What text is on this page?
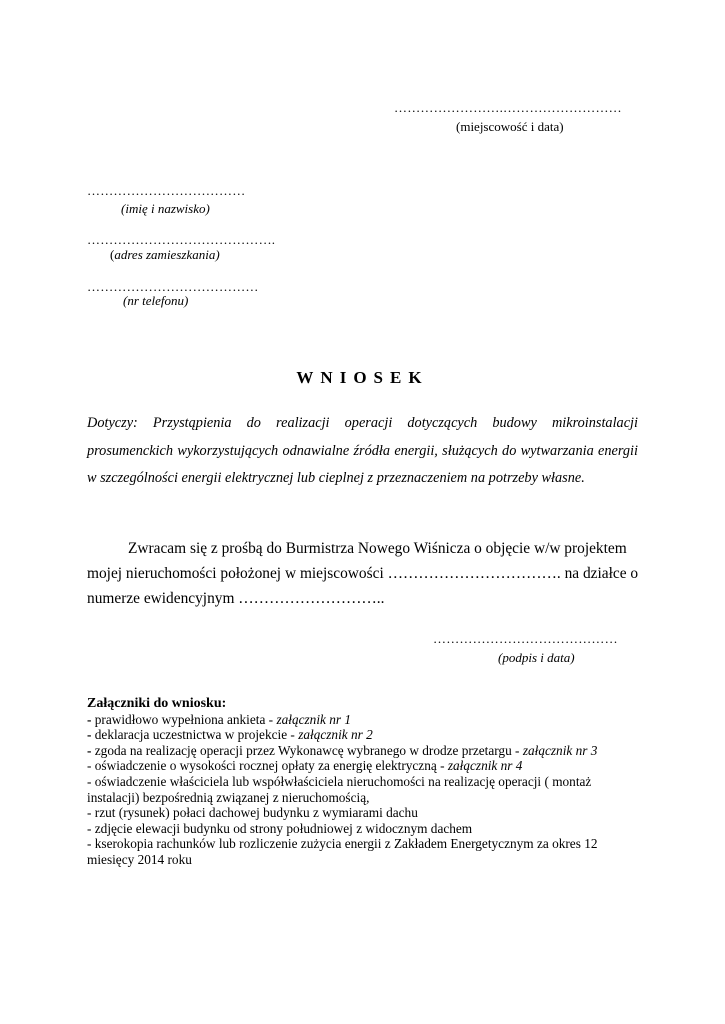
…………………….………………………
(miejscowość i data)
………………………………
(imię i nazwisko)
…………………………………….
(adres zamieszkania)
…………………………………
(nr telefonu)
WNIOSEK
Dotyczy: Przystąpienia do realizacji operacji dotyczących budowy mikroinstalacji prosumenckich wykorzystujących odnawialne źródła energii, służących do wytwarzania energii w szczególności energii elektrycznej lub cieplnej z przeznaczeniem na potrzeby własne.
Zwracam się z prośbą do Burmistrza Nowego Wiśnicza o objęcie w/w projektem
mojej nieruchomości położonej w miejscowości ……………………………. na działce o
numerze ewidencyjnym ………………………..
……………………………………
(podpis i data)
Załączniki do wniosku:
- prawidłowo wypełniona ankieta - załącznik nr 1
- deklaracja uczestnictwa w projekcie - załącznik nr 2
- zgoda na realizację operacji przez Wykonawcę wybranego w drodze przetargu - załącznik nr 3
- oświadczenie o wysokości rocznej opłaty za energię elektryczną - załącznik nr 4
- oświadczenie właściciela lub współwłaściciela nieruchomości na realizację operacji ( montaż
instalacji) bezpośrednią związanej z nieruchomością,
- rzut (rysunek) połaci dachowej budynku z wymiarami dachu
- zdjęcie elewacji budynku od strony południowej z widocznym dachem
- kserokopia rachunków lub rozliczenie zużycia energii z Zakładem Energetycznym za okres 12
miesięcy 2014 roku
